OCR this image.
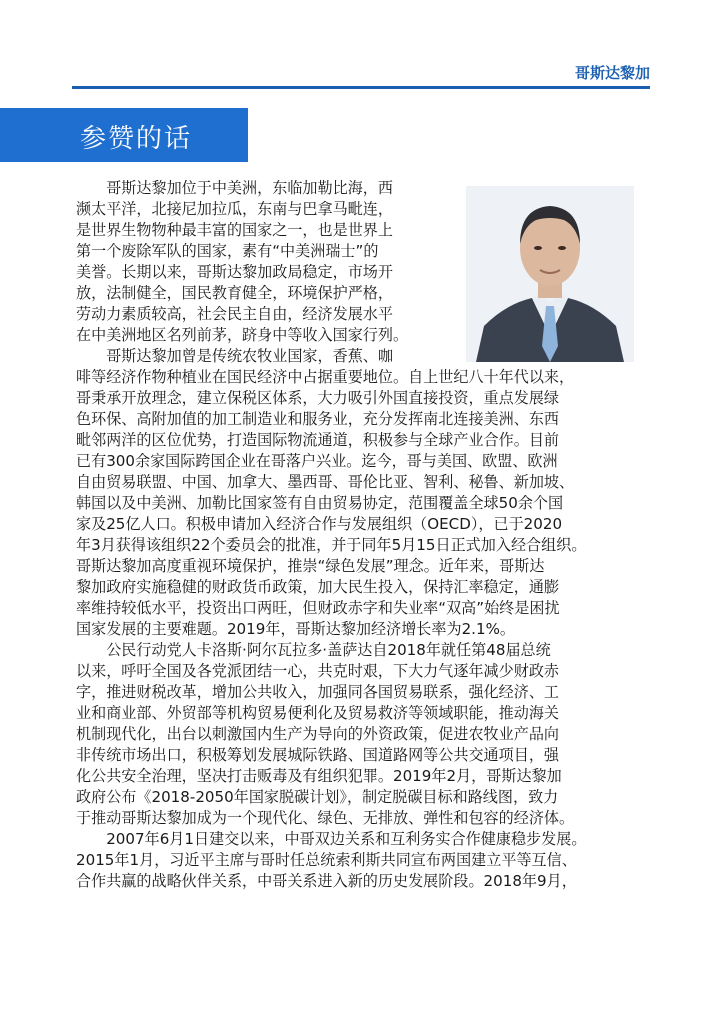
哥斯达黎加
参赞的话
　　哥斯达黎加位于中美洲，东临加勒比海，西
濒太平洋，北接尼加拉瓜，东南与巴拿马毗连，
是世界生物物种最丰富的国家之一，也是世界上
第一个废除军队的国家，素有“中美洲瑞士”的
美誉。长期以来，哥斯达黎加政局稳定，市场开
放，法制健全，国民教育健全，环境保护严格，
劳动力素质较高，社会民主自由，经济发展水平
在中美洲地区名列前茅，跻身中等收入国家行列。
　　哥斯达黎加曾是传统农牧业国家，香蕉、咖
啡等经济作物种植业在国民经济中占据重要地位。自上世纪八十年代以来，
哥秉承开放理念，建立保税区体系，大力吸引外国直接投资，重点发展绿
色环保、高附加值的加工制造业和服务业，充分发挥南北连接美洲、东西
毗邻两洋的区位优势，打造国际物流通道，积极参与全球产业合作。目前
已有300余家国际跨国企业在哥落户兴业。迄今，哥与美国、欧盟、欧洲
自由贸易联盟、中国、加拿大、墨西哥、哥伦比亚、智利、秘鲁、新加坡、
韩国以及中美洲、加勒比国家签有自由贸易协定，范围覆盖全球50余个国
家及25亿人口。积极申请加入经济合作与发展组织（OECD），已于2020
年3月获得该组织22个委员会的批准，并于同年5月15日正式加入经合组织。
哥斯达黎加高度重视环境保护，推崇“绿色发展”理念。近年来，哥斯达
黎加政府实施稳健的财政货币政策，加大民生投入，保持汇率稳定，通膨
率维持较低水平，投资出口两旺，但财政赤字和失业率“双高”始终是困扰
国家发展的主要难题。2019年，哥斯达黎加经济增长率为2.1%。
　　公民行动党人卡洛斯·阿尔瓦拉多·盖萨达自2018年就任第48届总统
以来，呼吁全国及各党派团结一心，共克时艰，下大力气逐年减少财政赤
字，推进财税改革，增加公共收入，加强同各国贸易联系，强化经济、工
业和商业部、外贸部等机构贸易便利化及贸易救济等领域职能，推动海关
机制现代化，出台以刺激国内生产为导向的外资政策，促进农牧业产品向
非传统市场出口，积极筹划发展城际铁路、国道路网等公共交通项目，强
化公共安全治理，坚决打击贩毒及有组织犯罪。2019年2月，哥斯达黎加
政府公布《2018-2050年国家脱碳计划》，制定脱碳目标和路线图，致力
于推动哥斯达黎加成为一个现代化、绿色、无排放、弹性和包容的经济体。
　　2007年6月1日建交以来，中哥双边关系和互利务实合作健康稳步发展。
2015年1月，习近平主席与哥时任总统索利斯共同宣布两国建立平等互信、
合作共赢的战略伙伴关系，中哥关系进入新的历史发展阶段。2018年9月，
